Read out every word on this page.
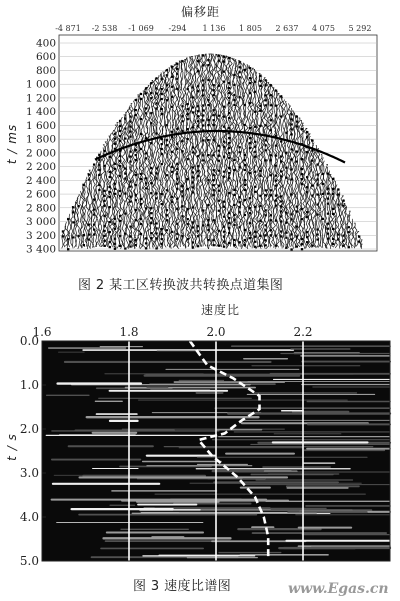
偏移距
-4 871 -2 538 -1 069 -294 1 136 1 805 2 637 4 075 5 292
400
600
800
1 000
1 200
1 400
1 600
1 800
2 000
2 200
2 400
2 600
2 800
3 000
3 200
3 400
t / ms
图 2 某工区转换波共转换点道集图
速度比
1.6	1.8	2.0	2.2
0.0
1.0
2.0
3.0
4.0
5.0
t / s
图 3 速度比谱图	www.Egas.cn
